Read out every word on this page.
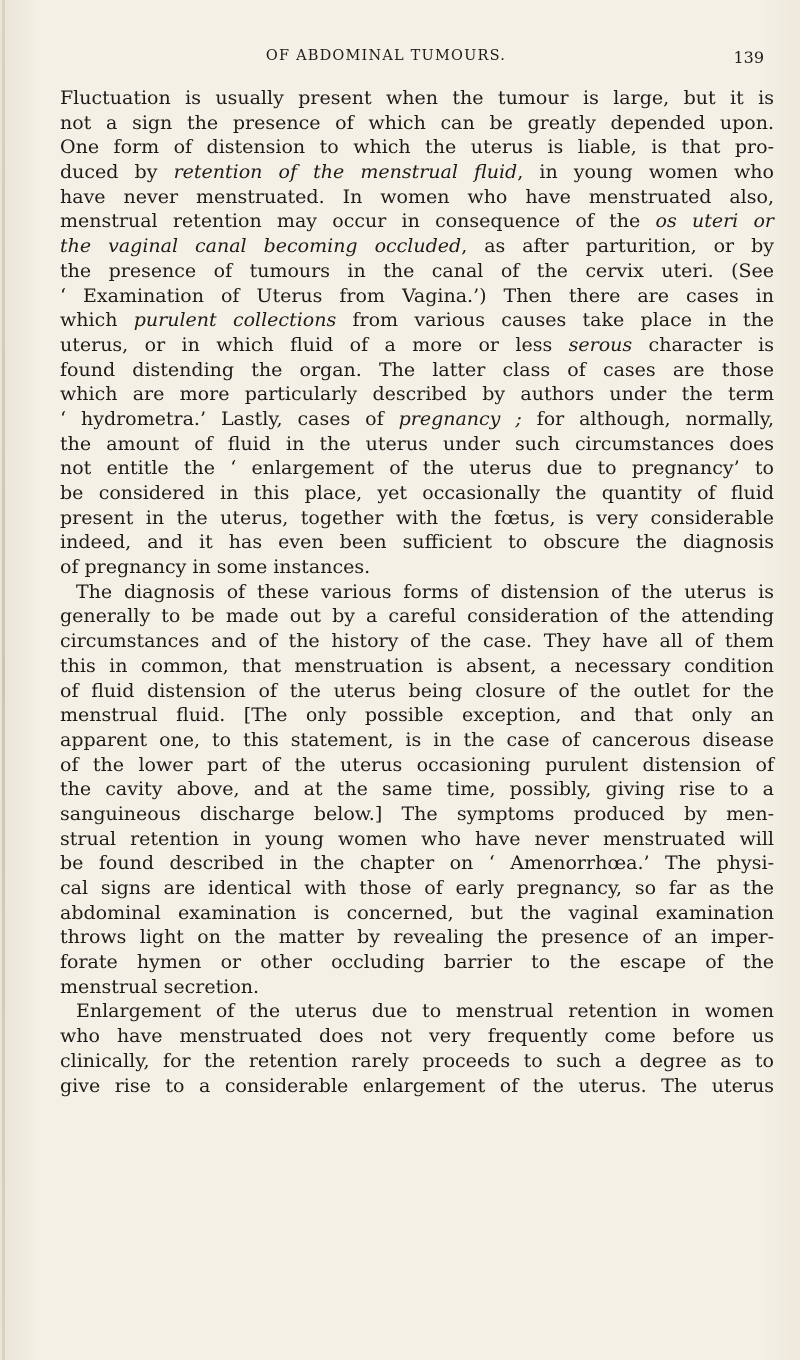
OF ABDOMINAL TUMOURS.	139
Fluctuation is usually present when the tumour is large, but it is
not a sign the presence of which can be greatly depended upon.
One form of distension to which the uterus is liable, is that pro-
duced by retention of the menstrual fluid, in young women who
have never menstruated. In women who have menstruated also,
menstrual retention may occur in consequence of the os uteri or
the vaginal canal becoming occluded, as after parturition, or by
the presence of tumours in the canal of the cervix uteri. (See
‘ Examination of Uterus from Vagina.’) Then there are cases in
which purulent collections from various causes take place in the
uterus, or in which fluid of a more or less serous character is
found distending the organ. The latter class of cases are those
which are more particularly described by authors under the term
‘ hydrometra.’ Lastly, cases of pregnancy ; for although, normally,
the amount of fluid in the uterus under such circumstances does
not entitle the ‘ enlargement of the uterus due to pregnancy’ to
be considered in this place, yet occasionally the quantity of fluid
present in the uterus, together with the fœtus, is very considerable
indeed, and it has even been sufficient to obscure the diagnosis
of pregnancy in some instances.
The diagnosis of these various forms of distension of the uterus is
generally to be made out by a careful consideration of the attending
circumstances and of the history of the case. They have all of them
this in common, that menstruation is absent, a necessary condition
of fluid distension of the uterus being closure of the outlet for the
menstrual fluid. [The only possible exception, and that only an
apparent one, to this statement, is in the case of cancerous disease
of the lower part of the uterus occasioning purulent distension of
the cavity above, and at the same time, possibly, giving rise to a
sanguineous discharge below.] The symptoms produced by men-
strual retention in young women who have never menstruated will
be found described in the chapter on ‘ Amenorrhœa.’ The physi-
cal signs are identical with those of early pregnancy, so far as the
abdominal examination is concerned, but the vaginal examination
throws light on the matter by revealing the presence of an imper-
forate hymen or other occluding barrier to the escape of the
menstrual secretion.
Enlargement of the uterus due to menstrual retention in women
who have menstruated does not very frequently come before us
clinically, for the retention rarely proceeds to such a degree as to
give rise to a considerable enlargement of the uterus. The uterus
